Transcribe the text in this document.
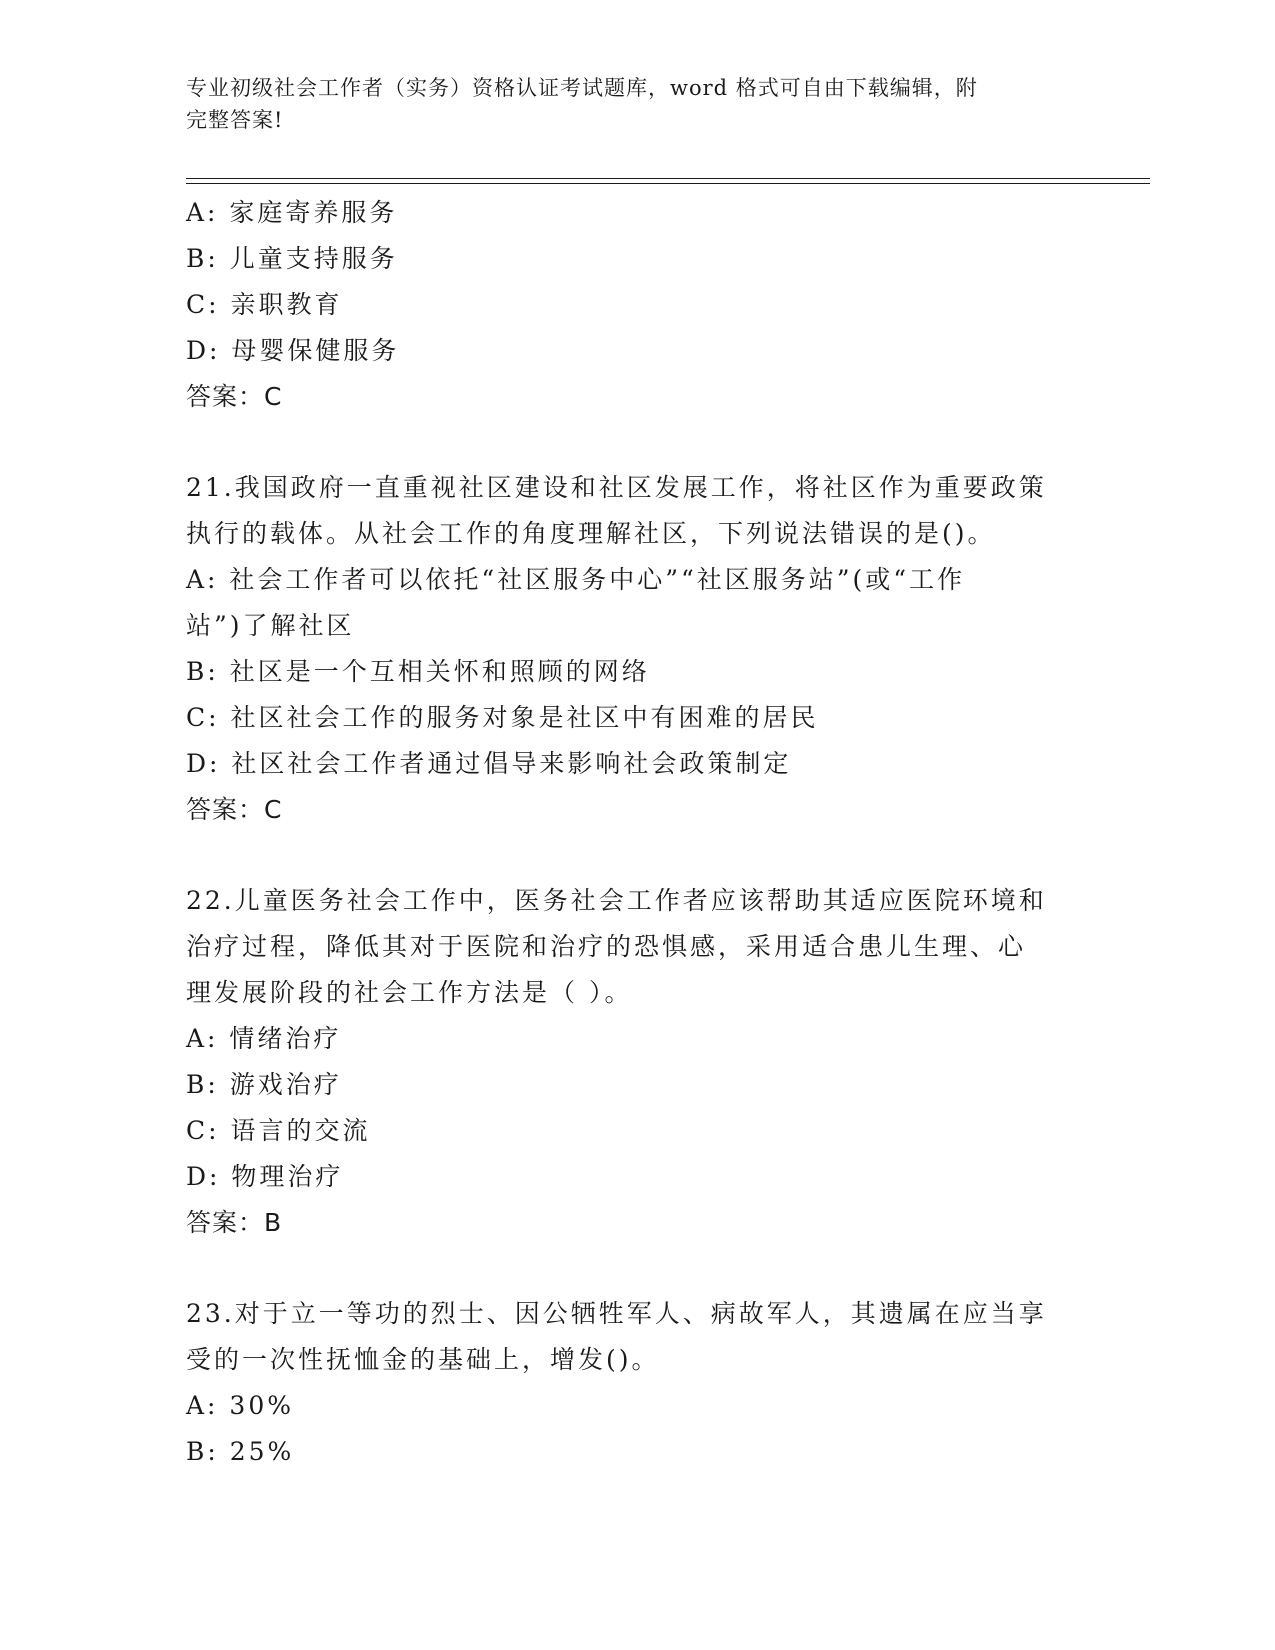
专业初级社会工作者（实务）资格认证考试题库，word 格式可自由下载编辑，附
完整答案!
A: 家庭寄养服务
B: 儿童支持服务
C: 亲职教育
D: 母婴保健服务
答案：C
21.我国政府一直重视社区建设和社区发展工作，将社区作为重要政策
执行的载体。从社会工作的角度理解社区，下列说法错误的是()。
A: 社会工作者可以依托“社区服务中心”“社区服务站”(或“工作
站”)了解社区
B: 社区是一个互相关怀和照顾的网络
C: 社区社会工作的服务对象是社区中有困难的居民
D: 社区社会工作者通过倡导来影响社会政策制定
答案：C
22.儿童医务社会工作中，医务社会工作者应该帮助其适应医院环境和
治疗过程，降低其对于医院和治疗的恐惧感，采用适合患儿生理、心
理发展阶段的社会工作方法是（ ）。
A: 情绪治疗
B: 游戏治疗
C: 语言的交流
D: 物理治疗
答案：B
23.对于立一等功的烈士、因公牺牲军人、病故军人，其遗属在应当享
受的一次性抚恤金的基础上，增发()。
A: 30%
B: 25%
